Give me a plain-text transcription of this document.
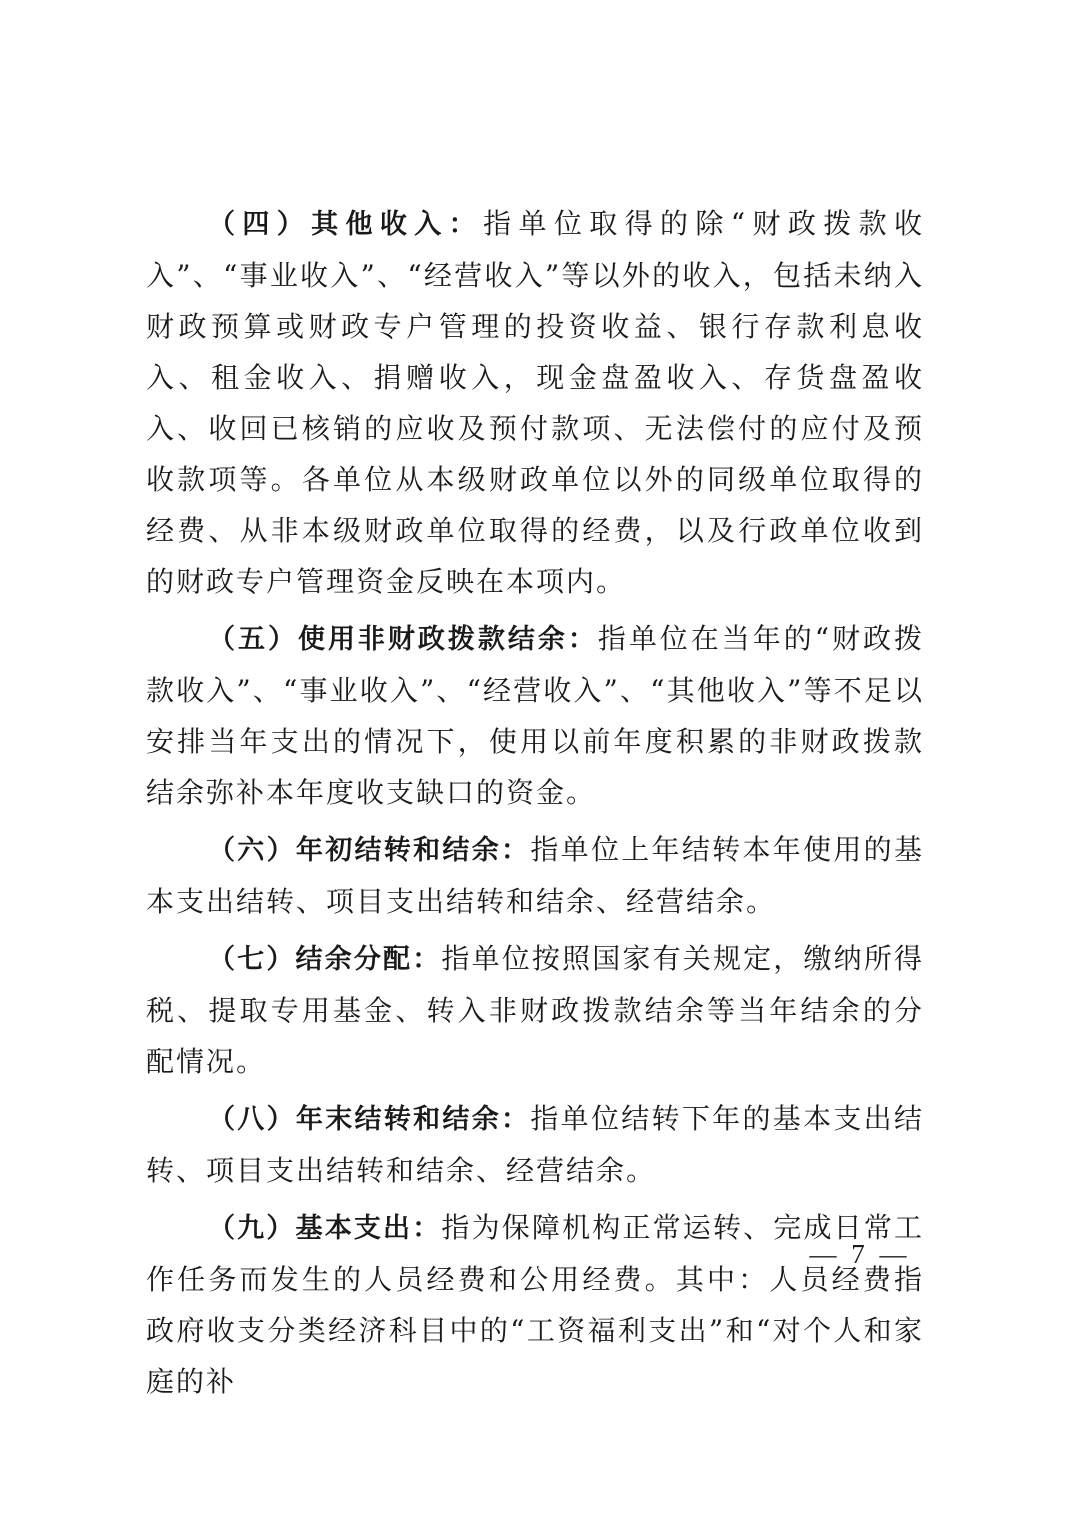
（四）其他收入：指单位取得的除“财政拨款收入”、“事业收入”、“经营收入”等以外的收入，包括未纳入财政预算或财政专户管理的投资收益、银行存款利息收入、租金收入、捐赠收入，现金盘盈收入、存货盘盈收入、收回已核销的应收及预付款项、无法偿付的应付及预收款项等。各单位从本级财政单位以外的同级单位取得的经费、从非本级财政单位取得的经费，以及行政单位收到的财政专户管理资金反映在本项内。

（五）使用非财政拨款结余：指单位在当年的“财政拨款收入”、“事业收入”、“经营收入”、“其他收入”等不足以安排当年支出的情况下，使用以前年度积累的非财政拨款结余弥补本年度收支缺口的资金。

（六）年初结转和结余：指单位上年结转本年使用的基本支出结转、项目支出结转和结余、经营结余。

（七）结余分配：指单位按照国家有关规定，缴纳所得税、提取专用基金、转入非财政拨款结余等当年结余的分配情况。

（八）年末结转和结余：指单位结转下年的基本支出结转、项目支出结转和结余、经营结余。

（九）基本支出：指为保障机构正常运转、完成日常工作任务而发生的人员经费和公用经费。其中：人员经费指政府收支分类经济科目中的“工资福利支出”和“对个人和家庭的补

— 7 —
